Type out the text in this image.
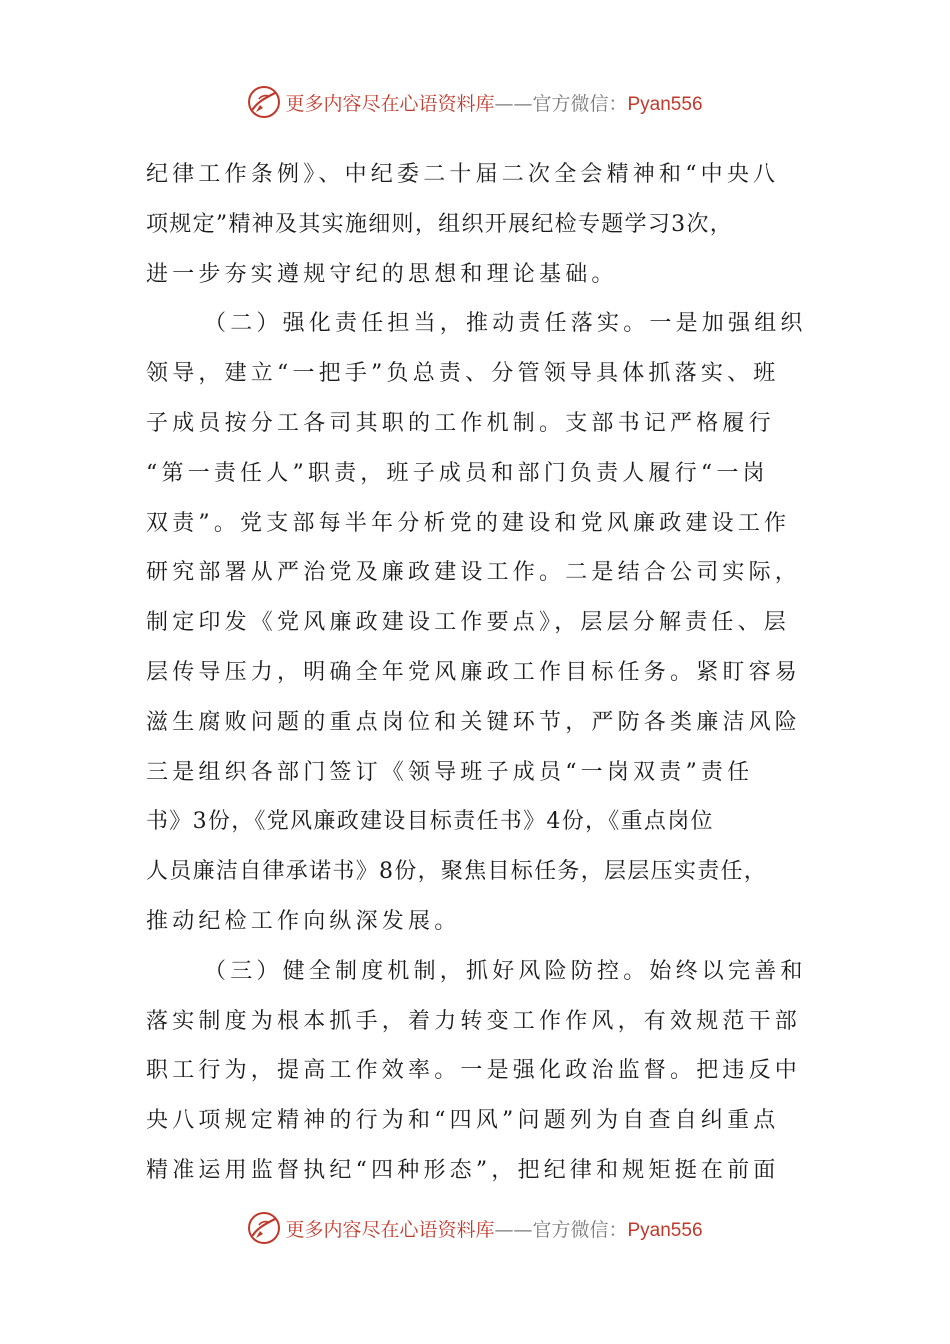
更多内容尽在心语资料库——官方微信：Pyan556
纪律工作条例》、中纪委二十届二次全会精神和“中央八
项规定”精神及其实施细则，组织开展纪检专题学习3次，
进一步夯实遵规守纪的思想和理论基础。
（二）强化责任担当，推动责任落实。一是加强组织
领导，建立“一把手”负总责、分管领导具体抓落实、班
子成员按分工各司其职的工作机制。支部书记严格履行
“第一责任人”职责，班子成员和部门负责人履行“一岗
双责”。党支部每半年分析党的建设和党风廉政建设工作
研究部署从严治党及廉政建设工作。二是结合公司实际，
制定印发《党风廉政建设工作要点》，层层分解责任、层
层传导压力，明确全年党风廉政工作目标任务。紧盯容易
滋生腐败问题的重点岗位和关键环节，严防各类廉洁风险
三是组织各部门签订《领导班子成员“一岗双责”责任
书》3份，《党风廉政建设目标责任书》4份，《重点岗位
人员廉洁自律承诺书》8份，聚焦目标任务，层层压实责任，
推动纪检工作向纵深发展。
（三）健全制度机制，抓好风险防控。始终以完善和
落实制度为根本抓手，着力转变工作作风，有效规范干部
职工行为，提高工作效率。一是强化政治监督。把违反中
央八项规定精神的行为和“四风”问题列为自查自纠重点
精准运用监督执纪“四种形态”，把纪律和规矩挺在前面
更多内容尽在心语资料库——官方微信：Pyan556
